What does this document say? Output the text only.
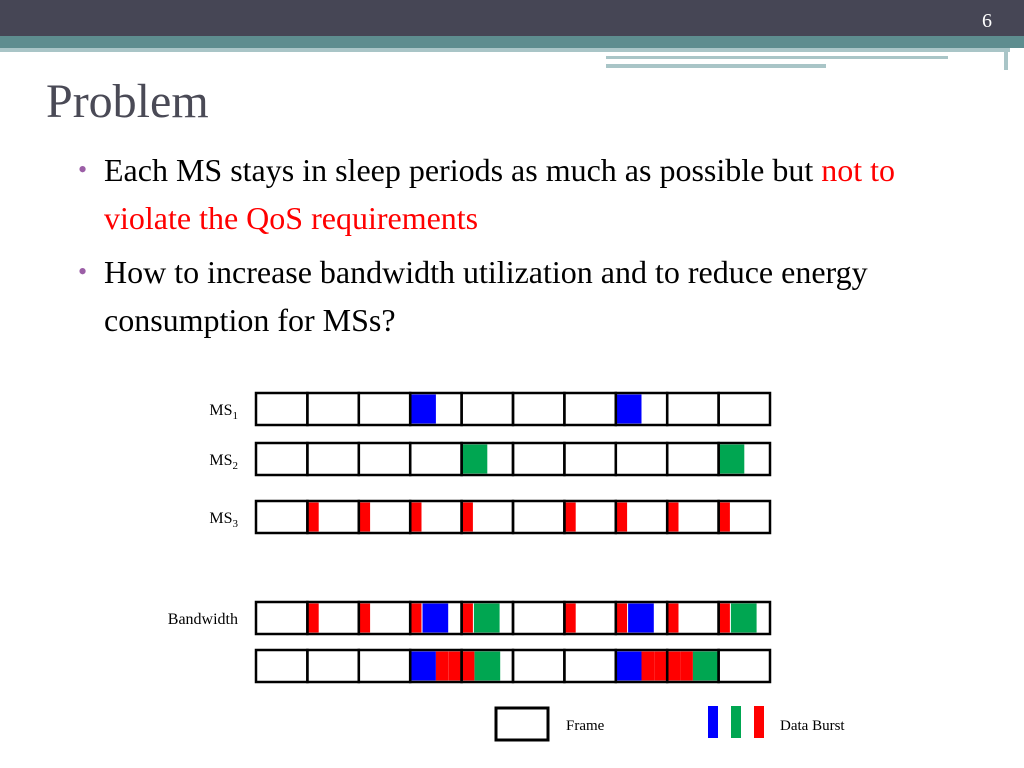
6
Problem
• Each MS stays in sleep periods as much as possible but not to violate the QoS requirements
• How to increase bandwidth utilization and to reduce energy consumption for MSs?
$MS_1$
$MS_2$
$MS_3$
Bandwidth
Frame	Data Burst
